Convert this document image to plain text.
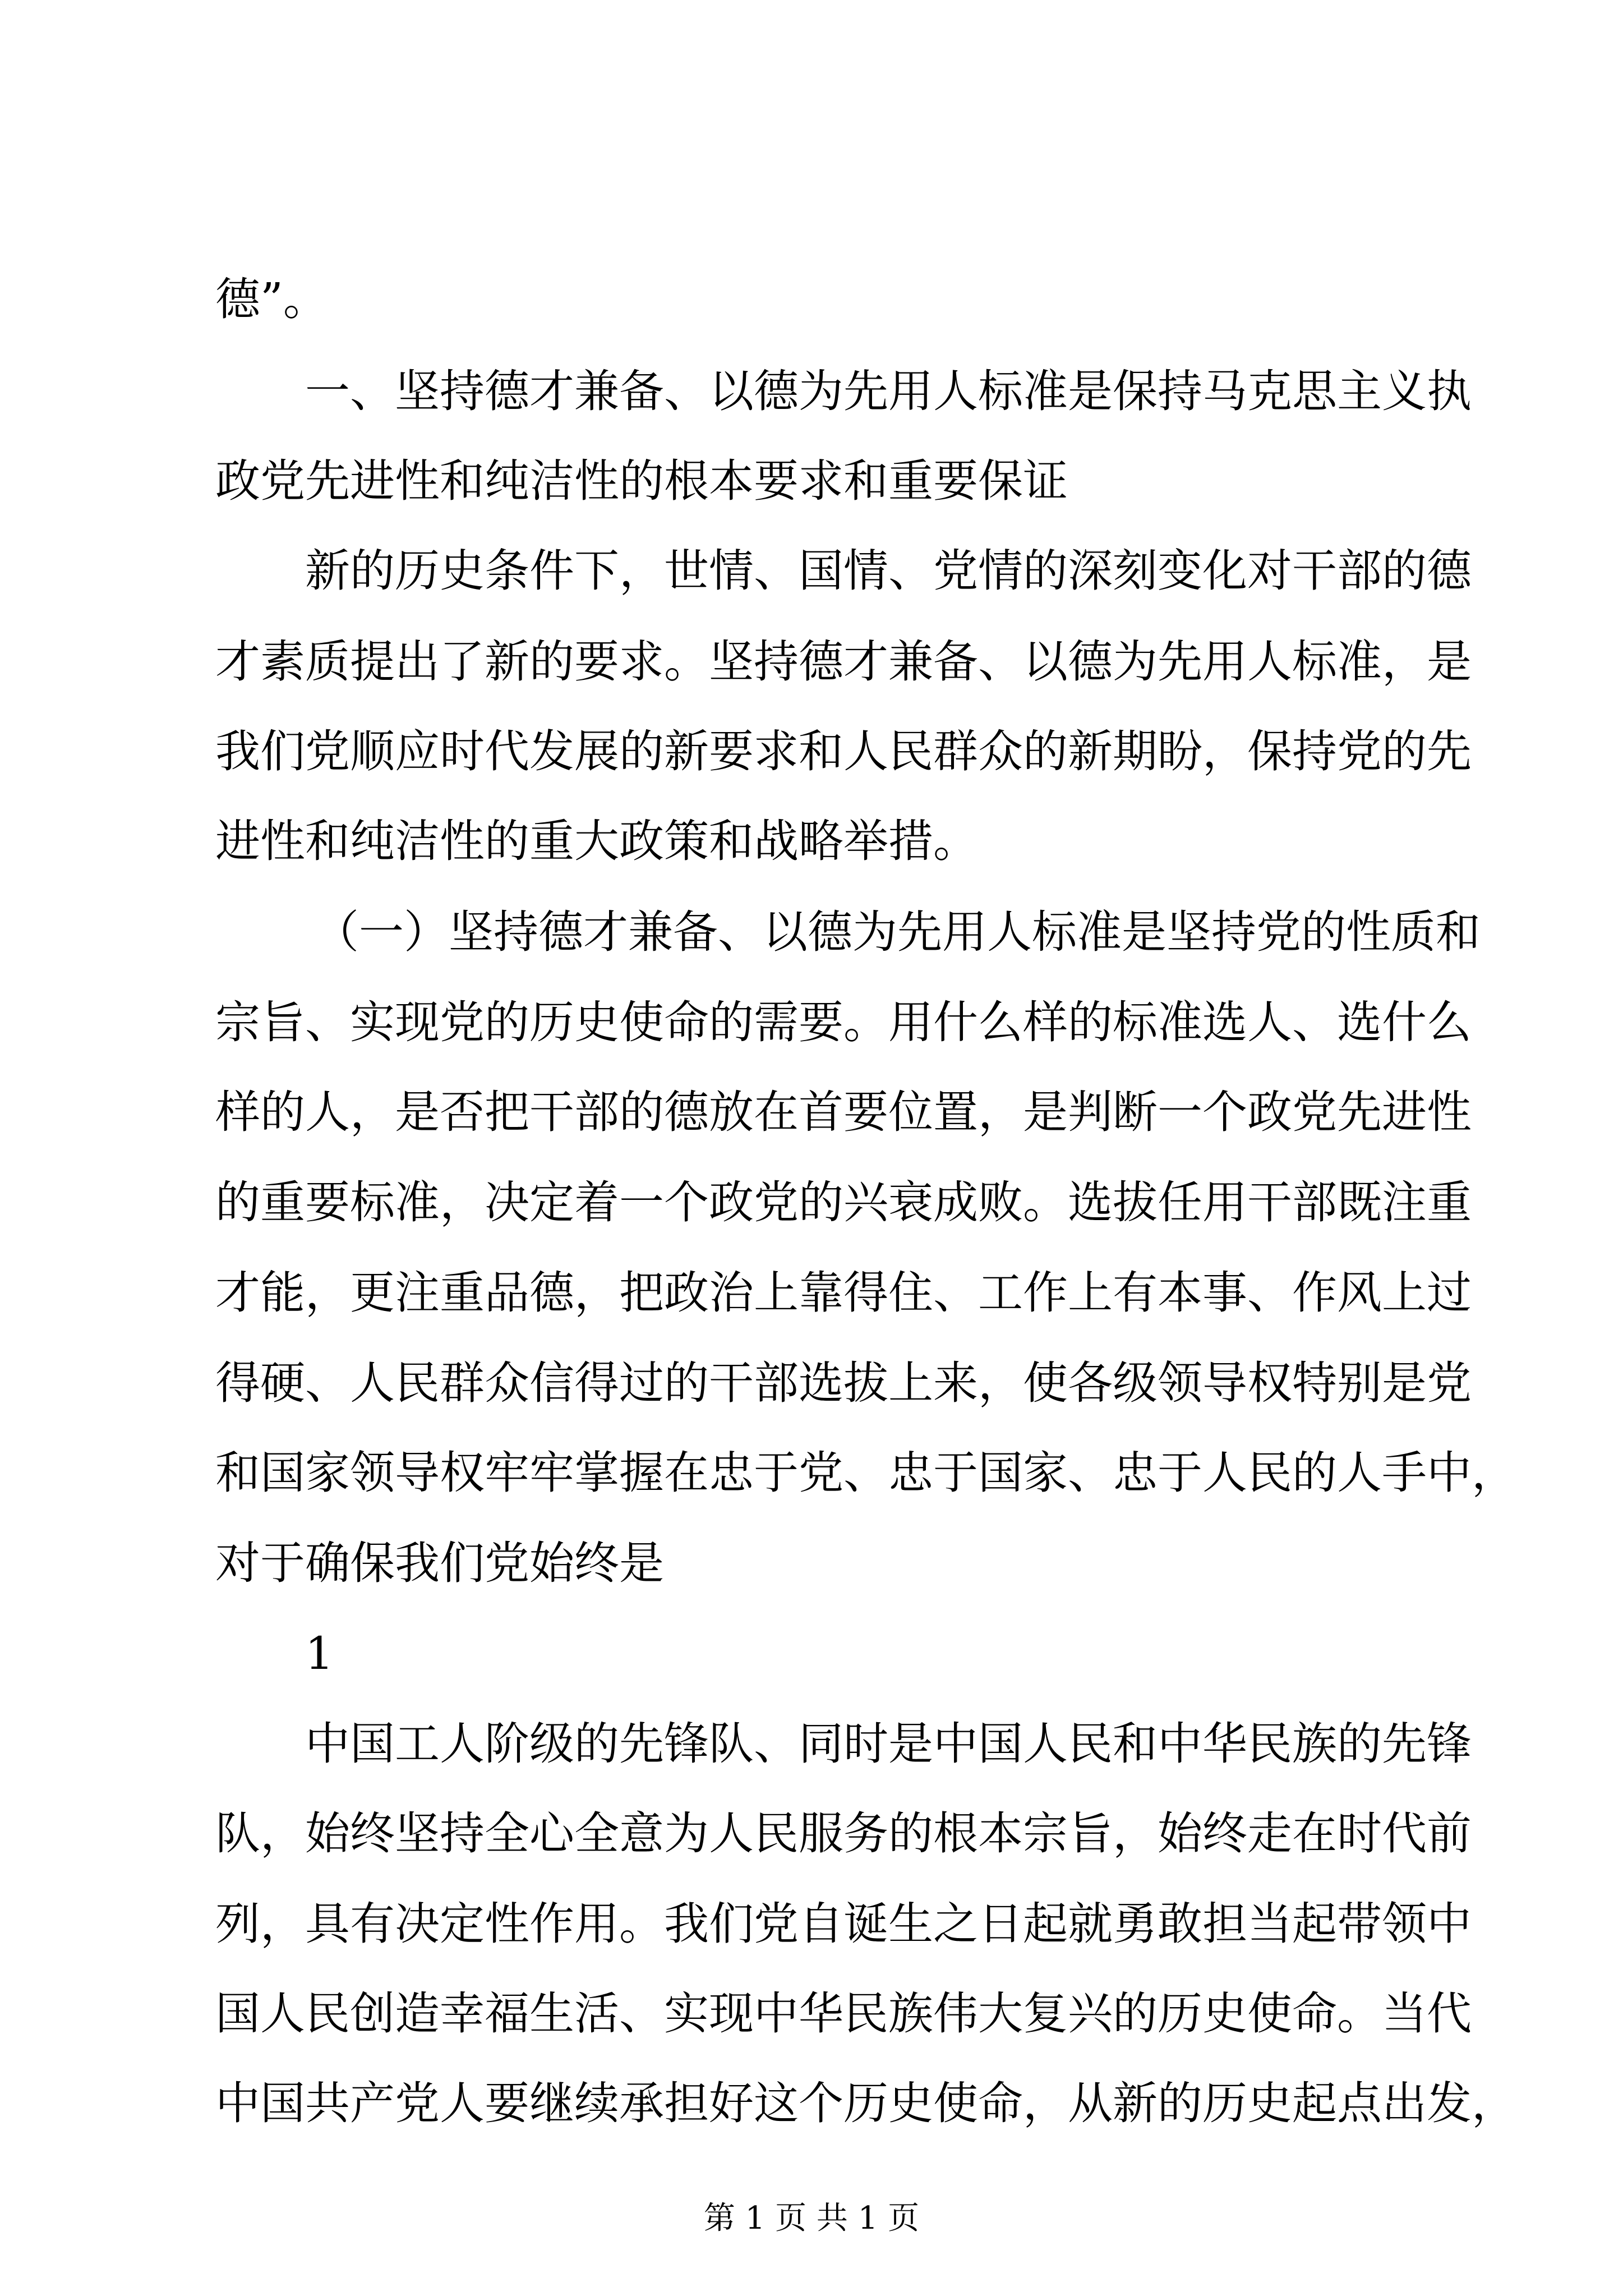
德”。
一、坚持德才兼备、以德为先用人标准是保持马克思主义执
政党先进性和纯洁性的根本要求和重要保证
新的历史条件下，世情、国情、党情的深刻变化对干部的德
才素质提出了新的要求。坚持德才兼备、以德为先用人标准，是
我们党顺应时代发展的新要求和人民群众的新期盼，保持党的先
进性和纯洁性的重大政策和战略举措。
（一）坚持德才兼备、以德为先用人标准是坚持党的性质和
宗旨、实现党的历史使命的需要。用什么样的标准选人、选什么
样的人，是否把干部的德放在首要位置，是判断一个政党先进性
的重要标准，决定着一个政党的兴衰成败。选拔任用干部既注重
才能，更注重品德，把政治上靠得住、工作上有本事、作风上过
得硬、人民群众信得过的干部选拔上来，使各级领导权特别是党
和国家领导权牢牢掌握在忠于党、忠于国家、忠于人民的人手中，
对于确保我们党始终是
1
中国工人阶级的先锋队、同时是中国人民和中华民族的先锋
队，始终坚持全心全意为人民服务的根本宗旨，始终走在时代前
列，具有决定性作用。我们党自诞生之日起就勇敢担当起带领中
国人民创造幸福生活、实现中华民族伟大复兴的历史使命。当代
中国共产党人要继续承担好这个历史使命，从新的历史起点出发，
第 1 页 共 1 页
